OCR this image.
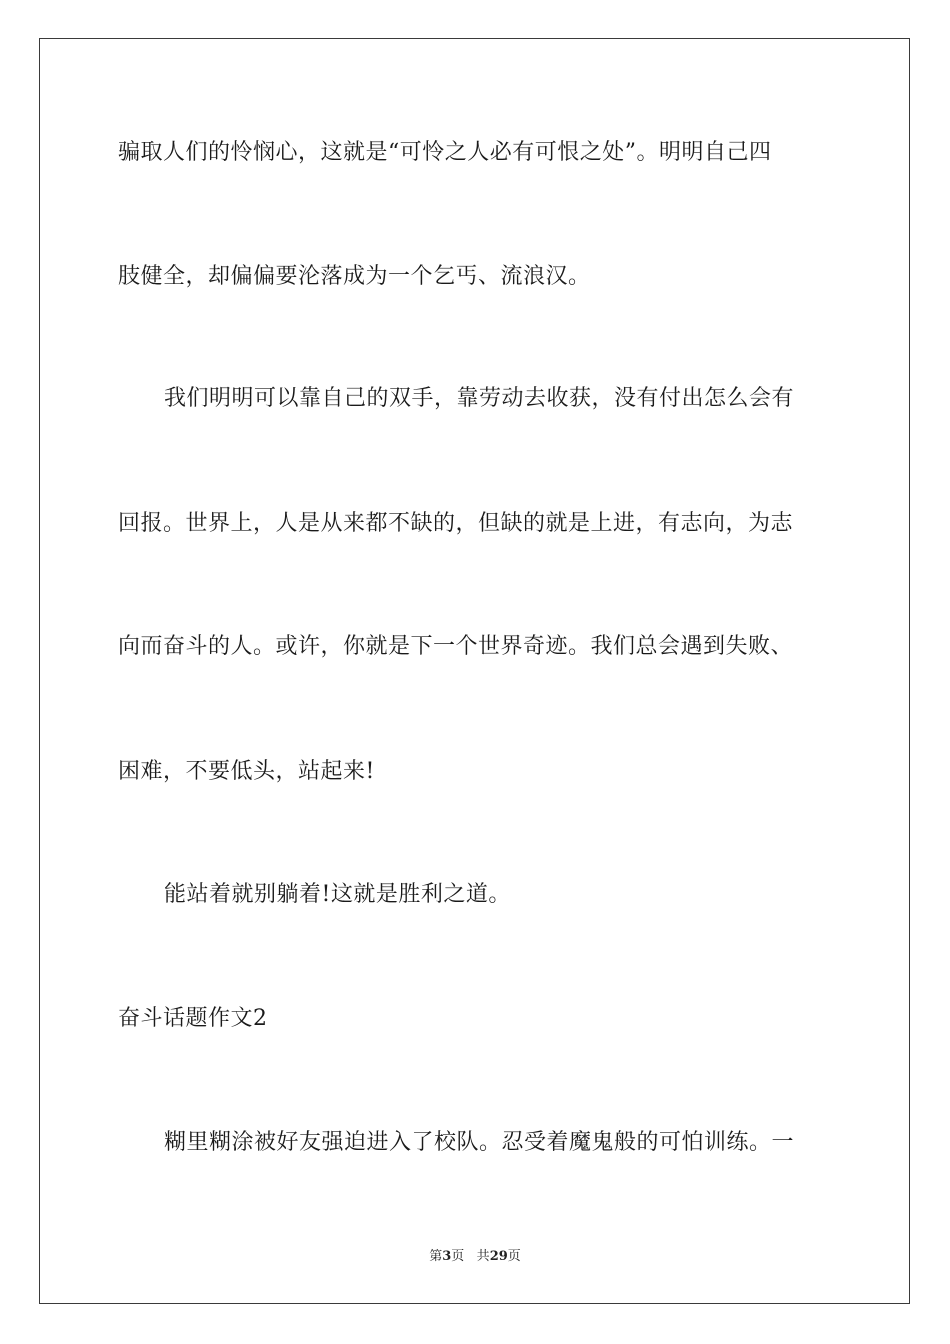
骗取人们的怜悯心，这就是“可怜之人必有可恨之处”。明明自己四
肢健全，却偏偏要沦落成为一个乞丐、流浪汉。
我们明明可以靠自己的双手，靠劳动去收获，没有付出怎么会有
回报。世界上，人是从来都不缺的，但缺的就是上进，有志向，为志
向而奋斗的人。或许，你就是下一个世界奇迹。我们总会遇到失败、
困难，不要低头，站起来!
能站着就别躺着!这就是胜利之道。
奋斗话题作文2
糊里糊涂被好友强迫进入了校队。忍受着魔鬼般的可怕训练。一
第3页 共29页
